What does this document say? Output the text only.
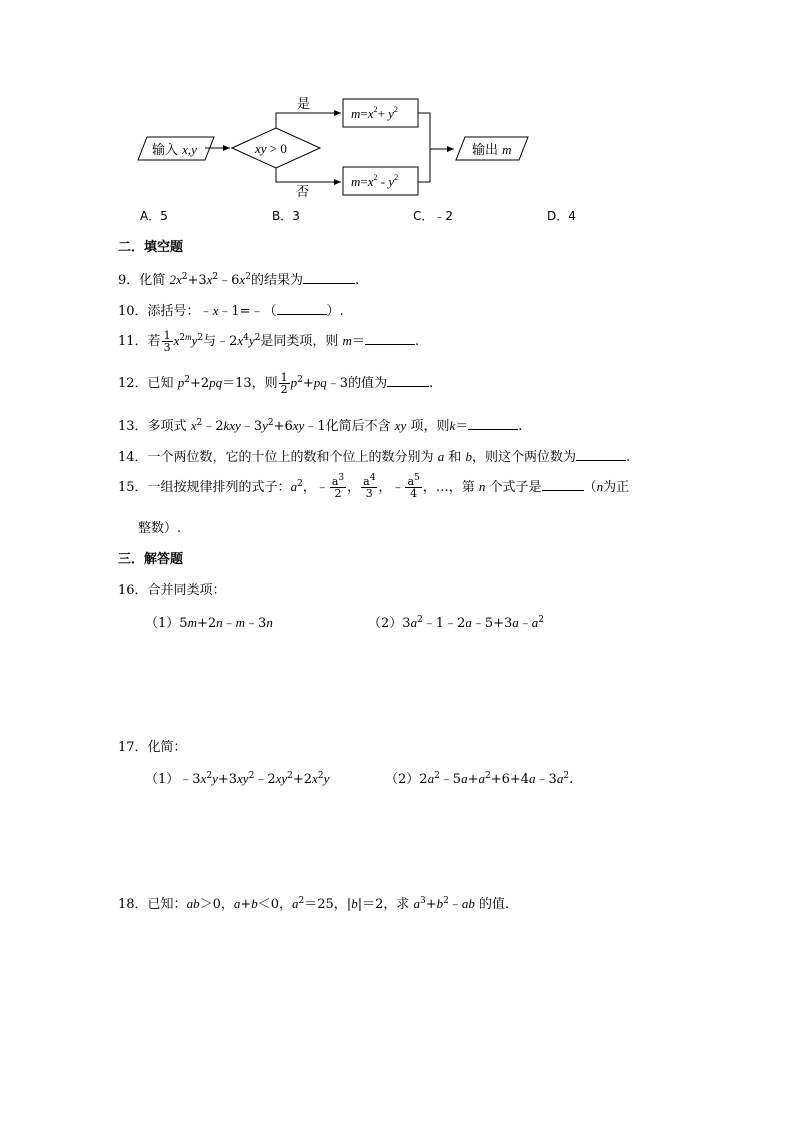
输入 x,y	xy > 0
是
否
$m=x^2+ y^2$
$m=x^2 - y^2$
输出 m
A．5	B．3	C．﹣2	D．4
二．填空题
9．化简 $2x^2+3x^2﹣6x^2$的结果为	.
10．添括号：﹣x﹣1=﹣（	）.
11．若 $\frac{1}{3} x^{2m}y^2$与$﹣2x^4y^2$是同类项，则 m＝	.
12．已知 $p^2+2pq=13$，则 $\frac{1}{2}$ $p^2+pq﹣3$的值为	.
13．多项式 $x^2﹣2kxy﹣3y^2+6xy﹣1$化简后不含 xy 项，则k＝	.
14．一个两位数，它的十位上的数和个位上的数分别为 a 和 b，则这个两位数为	.
15．一组按规律排列的式子：$a^2$，﹣ $\frac{a^3}{2}$ ， $\frac{a^4}{3}$ ，﹣ $\frac{a^5}{4}$ ，…，第 n 个式子是	（n为正
整数）.
三．解答题
16．合并同类项：
（1）5m+2n﹣m﹣3n	$(2)3a^2﹣1﹣2a﹣5+3a﹣a^2$
17．化简：
$(1)﹣3x^2y+3xy^2﹣2xy^2+2x^2y$	$(2)2a^2﹣5a+a^2+6+4a﹣3a^2$.
18．已知：ab＞0，a+b＜0，$a^2=25$，|b|＝2，求 $a^3+b^2﹣ab$ 的值.
